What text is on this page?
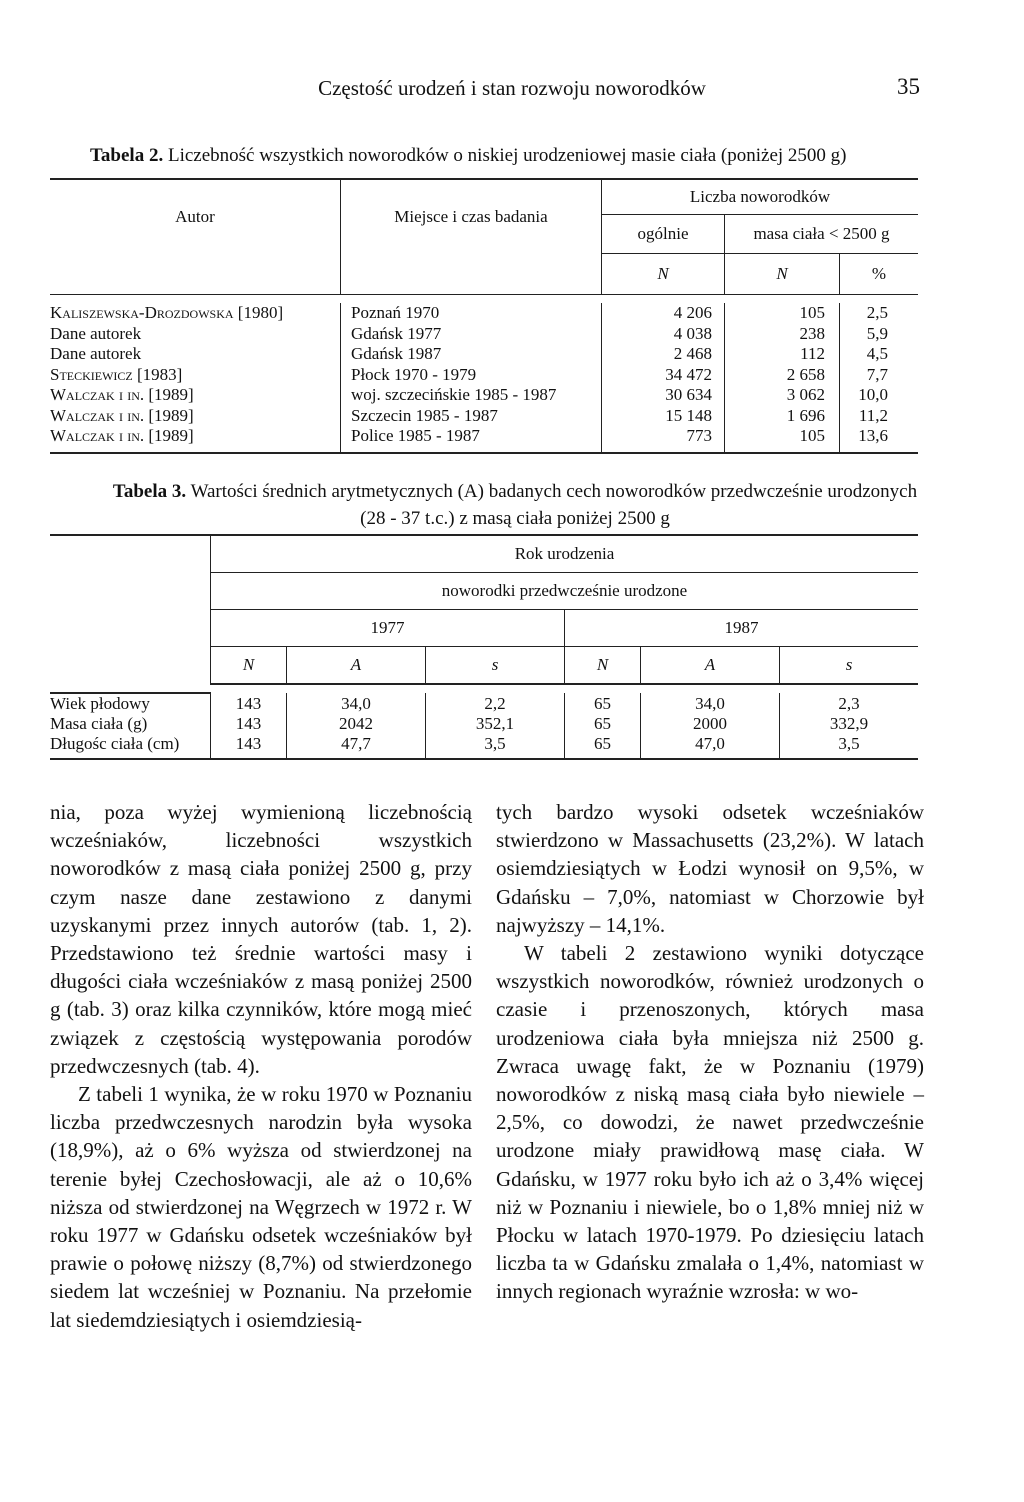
Częstość urodzeń i stan rozwoju noworodków	35
Tabela 2. Liczebność wszystkich noworodków o niskiej urodzeniowej masie ciała (poniżej 2500 g)
Autor	Miejsce i czas badania	Liczba noworodków		
		ogólnie	masa ciała < 2500 g	
		N	N	%

Kaliszewska-Drozdowska [1980]	Poznań 1970	4 206	105	2,5
Dane autorek	Gdańsk 1977	4 038	238	5,9
Dane autorek	Gdańsk 1987	2 468	112	4,5
Steckiewicz [1983]	Płock 1970 - 1979	34 472	2 658	7,7
Walczak i in. [1989]	woj. szczecińskie 1985 - 1987	30 634	3 062	10,0
Walczak i in. [1989]	Szczecin 1985 - 1987	15 148	1 696	11,2
Walczak i in. [1989]	Police 1985 - 1987	773	105	13,6
Tabela 3. Wartości średnich arytmetycznych (A) badanych cech noworodków przedwcześnie urodzonych
(28 - 37 t.c.) z masą ciała poniżej 2500 g
	Rok urodzenia					
	noworodki przedwcześnie urodzone					
	1977			1987		
	N	A	s	N	A	s

Wiek płodowy	143	34,0	2,2	65	34,0	2,3
Masa ciała (g)	143	2042	352,1	65	2000	332,9
Długośc ciała (cm)	143	47,7	3,5	65	47,0	3,5

nia, poza wyżej wymienioną liczebnością wcześniaków, liczebności wszystkich noworodków z masą ciała poniżej 2500 g, przy czym nasze dane zestawiono z danymi uzyskanymi przez innych autorów (tab. 1, 2). Przedstawiono też średnie wartości masy i długości ciała wcześniaków z masą poniżej 2500 g (tab. 3) oraz kilka czynników, które mogą mieć związek z częstością występowania porodów przedwczesnych (tab. 4).

Z tabeli 1 wynika, że w roku 1970 w Poznaniu liczba przedwczesnych narodzin była wysoka (18,9%), aż o 6% wyższa od stwierdzonej na terenie byłej Czechosłowacji, ale aż o 10,6% niższa od stwierdzonej na Węgrzech w 1972 r. W roku 1977 w Gdańsku odsetek wcześniaków był prawie o połowę niższy (8,7%) od stwierdzonego siedem lat wcześniej w Poznaniu. Na przełomie lat siedemdziesiątych i osiemdziesią-

tych bardzo wysoki odsetek wcześniaków stwierdzono w Massachusetts (23,2%). W latach osiemdziesiątych w Łodzi wynosił on 9,5%, w Gdańsku – 7,0%, natomiast w Chorzowie był najwyższy – 14,1%.

W tabeli 2 zestawiono wyniki dotyczące wszystkich noworodków, również urodzonych o czasie i przenoszonych, których masa urodzeniowa ciała była mniejsza niż 2500 g. Zwraca uwagę fakt, że w Poznaniu (1979) noworodków z niską masą ciała było niewiele – 2,5%, co dowodzi, że nawet przedwcześnie urodzone miały prawidłową masę ciała. W Gdańsku, w 1977 roku było ich aż o 3,4% więcej niż w Poznaniu i niewiele, bo o 1,8% mniej niż w Płocku w latach 1970-1979. Po dziesięciu latach liczba ta w Gdańsku zmalała o 1,4%, natomiast w innych regionach wyraźnie wzrosła: w wo-
